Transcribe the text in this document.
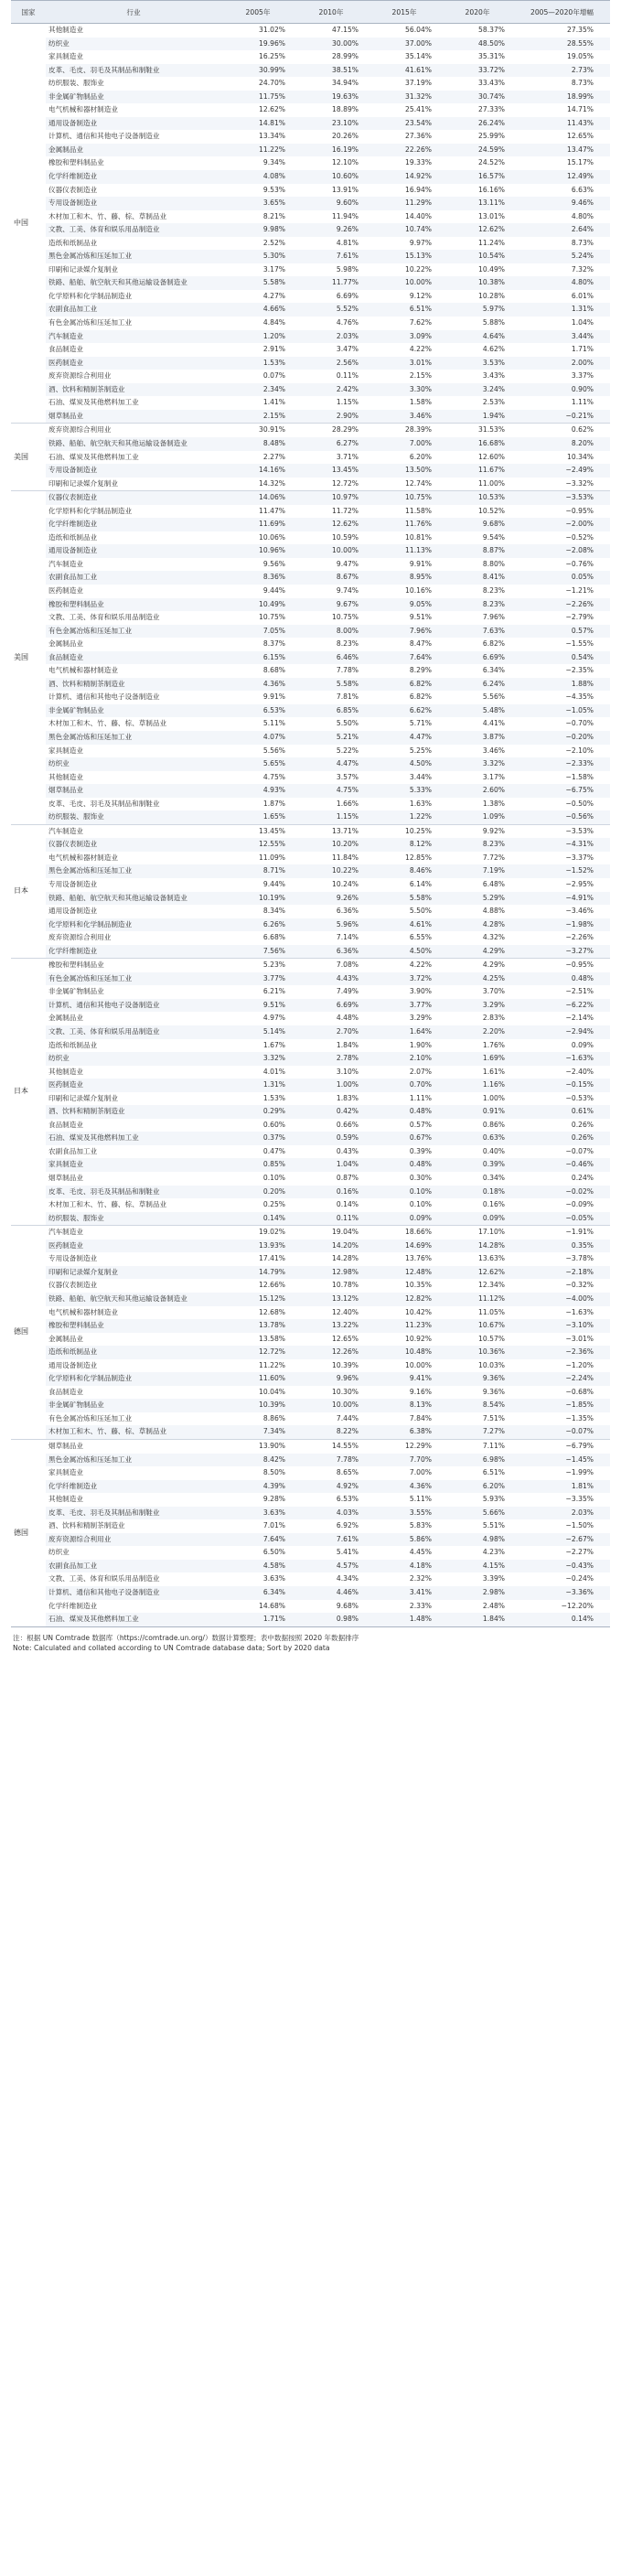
国家	行业	2005年	2010年	2015年	2020年	2005—2020年增幅
中国	其他制造业	31.02%	47.15%	56.04%	58.37%	27.35%
	纺织业	19.96%	30.00%	37.00%	48.50%	28.55%
	家具制造业	16.25%	28.99%	35.14%	35.31%	19.05%
	皮革、毛皮、羽毛及其制品和制鞋业	30.99%	38.51%	41.61%	33.72%	2.73%
	纺织服装、服饰业	24.70%	34.94%	37.19%	33.43%	8.73%
	非金属矿物制品业	11.75%	19.63%	31.32%	30.74%	18.99%
	电气机械和器材制造业	12.62%	18.89%	25.41%	27.33%	14.71%
	通用设备制造业	14.81%	23.10%	23.54%	26.24%	11.43%
	计算机、通信和其他电子设备制造业	13.34%	20.26%	27.36%	25.99%	12.65%
	金属制品业	11.22%	16.19%	22.26%	24.59%	13.47%
	橡胶和塑料制品业	9.34%	12.10%	19.33%	24.52%	15.17%
	化学纤维制造业	4.08%	10.60%	14.92%	16.57%	12.49%
	仪器仪表制造业	9.53%	13.91%	16.94%	16.16%	6.63%
	专用设备制造业	3.65%	9.60%	11.29%	13.11%	9.46%
	木材加工和木、竹、藤、棕、草制品业	8.21%	11.94%	14.40%	13.01%	4.80%
	文教、工美、体育和娱乐用品制造业	9.98%	9.26%	10.74%	12.62%	2.64%
	造纸和纸制品业	2.52%	4.81%	9.97%	11.24%	8.73%
	黑色金属冶炼和压延加工业	5.30%	7.61%	15.13%	10.54%	5.24%
	印刷和记录媒介复制业	3.17%	5.98%	10.22%	10.49%	7.32%
	铁路、船舶、航空航天和其他运输设备制造业	5.58%	11.77%	10.00%	10.38%	4.80%
	化学原料和化学制品制造业	4.27%	6.69%	9.12%	10.28%	6.01%
	农副食品加工业	4.66%	5.52%	6.51%	5.97%	1.31%
	有色金属冶炼和压延加工业	4.84%	4.76%	7.62%	5.88%	1.04%
	汽车制造业	1.20%	2.03%	3.09%	4.64%	3.44%
	食品制造业	2.91%	3.47%	4.22%	4.62%	1.71%
	医药制造业	1.53%	2.56%	3.01%	3.53%	2.00%
	废弃资源综合利用业	0.07%	0.11%	2.15%	3.43%	3.37%
	酒、饮料和精制茶制造业	2.34%	2.42%	3.30%	3.24%	0.90%
	石油、煤炭及其他燃料加工业	1.41%	1.15%	1.58%	2.53%	1.11%
	烟草制品业	2.15%	2.90%	3.46%	1.94%	−0.21%
美国	废弃资源综合利用业	30.91%	28.29%	28.39%	31.53%	0.62%
	铁路、船舶、航空航天和其他运输设备制造业	8.48%	6.27%	7.00%	16.68%	8.20%
	石油、煤炭及其他燃料加工业	2.27%	3.71%	6.20%	12.60%	10.34%
	专用设备制造业	14.16%	13.45%	13.50%	11.67%	−2.49%
	印刷和记录媒介复制业	14.32%	12.72%	12.74%	11.00%	−3.32%
美国	仪器仪表制造业	14.06%	10.97%	10.75%	10.53%	−3.53%
	化学原料和化学制品制造业	11.47%	11.72%	11.58%	10.52%	−0.95%
	化学纤维制造业	11.69%	12.62%	11.76%	9.68%	−2.00%
	造纸和纸制品业	10.06%	10.59%	10.81%	9.54%	−0.52%
	通用设备制造业	10.96%	10.00%	11.13%	8.87%	−2.08%
	汽车制造业	9.56%	9.47%	9.91%	8.80%	−0.76%
	农副食品加工业	8.36%	8.67%	8.95%	8.41%	0.05%
	医药制造业	9.44%	9.74%	10.16%	8.23%	−1.21%
	橡胶和塑料制品业	10.49%	9.67%	9.05%	8.23%	−2.26%
	文教、工美、体育和娱乐用品制造业	10.75%	10.75%	9.51%	7.96%	−2.79%
	有色金属冶炼和压延加工业	7.05%	8.00%	7.96%	7.63%	0.57%
	金属制品业	8.37%	8.23%	8.47%	6.82%	−1.55%
	食品制造业	6.15%	6.46%	7.64%	6.69%	0.54%
	电气机械和器材制造业	8.68%	7.78%	8.29%	6.34%	−2.35%
	酒、饮料和精制茶制造业	4.36%	5.58%	6.82%	6.24%	1.88%
	计算机、通信和其他电子设备制造业	9.91%	7.81%	6.82%	5.56%	−4.35%
	非金属矿物制品业	6.53%	6.85%	6.62%	5.48%	−1.05%
	木材加工和木、竹、藤、棕、草制品业	5.11%	5.50%	5.71%	4.41%	−0.70%
	黑色金属冶炼和压延加工业	4.07%	5.21%	4.47%	3.87%	−0.20%
	家具制造业	5.56%	5.22%	5.25%	3.46%	−2.10%
	纺织业	5.65%	4.47%	4.50%	3.32%	−2.33%
	其他制造业	4.75%	3.57%	3.44%	3.17%	−1.58%
	烟草制品业	4.93%	4.75%	5.33%	2.60%	−6.75%
	皮革、毛皮、羽毛及其制品和制鞋业	1.87%	1.66%	1.63%	1.38%	−0.50%
	纺织服装、服饰业	1.65%	1.15%	1.22%	1.09%	−0.56%
日本	汽车制造业	13.45%	13.71%	10.25%	9.92%	−3.53%
	仪器仪表制造业	12.55%	10.20%	8.12%	8.23%	−4.31%
	电气机械和器材制造业	11.09%	11.84%	12.85%	7.72%	−3.37%
	黑色金属冶炼和压延加工业	8.71%	10.22%	8.46%	7.19%	−1.52%
	专用设备制造业	9.44%	10.24%	6.14%	6.48%	−2.95%
	铁路、船舶、航空航天和其他运输设备制造业	10.19%	9.26%	5.58%	5.29%	−4.91%
	通用设备制造业	8.34%	6.36%	5.50%	4.88%	−3.46%
	化学原料和化学制品制造业	6.26%	5.96%	4.61%	4.28%	−1.98%
	废弃资源综合利用业	6.68%	7.14%	6.55%	4.32%	−2.26%
	化学纤维制造业	7.56%	6.36%	4.50%	4.29%	−3.27%
日本	橡胶和塑料制品业	5.23%	7.08%	4.22%	4.29%	−0.95%
	有色金属冶炼和压延加工业	3.77%	4.43%	3.72%	4.25%	0.48%
	非金属矿物制品业	6.21%	7.49%	3.90%	3.70%	−2.51%
	计算机、通信和其他电子设备制造业	9.51%	6.69%	3.77%	3.29%	−6.22%
	金属制品业	4.97%	4.48%	3.29%	2.83%	−2.14%
	文教、工美、体育和娱乐用品制造业	5.14%	2.70%	1.64%	2.20%	−2.94%
	造纸和纸制品业	1.67%	1.84%	1.90%	1.76%	0.09%
	纺织业	3.32%	2.78%	2.10%	1.69%	−1.63%
	其他制造业	4.01%	3.10%	2.07%	1.61%	−2.40%
	医药制造业	1.31%	1.00%	0.70%	1.16%	−0.15%
	印刷和记录媒介复制业	1.53%	1.83%	1.11%	1.00%	−0.53%
	酒、饮料和精制茶制造业	0.29%	0.42%	0.48%	0.91%	0.61%
	食品制造业	0.60%	0.66%	0.57%	0.86%	0.26%
	石油、煤炭及其他燃料加工业	0.37%	0.59%	0.67%	0.63%	0.26%
	农副食品加工业	0.47%	0.43%	0.39%	0.40%	−0.07%
	家具制造业	0.85%	1.04%	0.48%	0.39%	−0.46%
	烟草制品业	0.10%	0.87%	0.30%	0.34%	0.24%
	皮革、毛皮、羽毛及其制品和制鞋业	0.20%	0.16%	0.10%	0.18%	−0.02%
	木材加工和木、竹、藤、棕、草制品业	0.25%	0.14%	0.10%	0.16%	−0.09%
	纺织服装、服饰业	0.14%	0.11%	0.09%	0.09%	−0.05%
德国	汽车制造业	19.02%	19.04%	18.66%	17.10%	−1.91%
	医药制造业	13.93%	14.20%	14.69%	14.28%	0.35%
	专用设备制造业	17.41%	14.28%	13.76%	13.63%	−3.78%
	印刷和记录媒介复制业	14.79%	12.98%	12.48%	12.62%	−2.18%
	仪器仪表制造业	12.66%	10.78%	10.35%	12.34%	−0.32%
	铁路、船舶、航空航天和其他运输设备制造业	15.12%	13.12%	12.82%	11.12%	−4.00%
	电气机械和器材制造业	12.68%	12.40%	10.42%	11.05%	−1.63%
	橡胶和塑料制品业	13.78%	13.22%	11.23%	10.67%	−3.10%
	金属制品业	13.58%	12.65%	10.92%	10.57%	−3.01%
	造纸和纸制品业	12.72%	12.26%	10.48%	10.36%	−2.36%
	通用设备制造业	11.22%	10.39%	10.00%	10.03%	−1.20%
	化学原料和化学制品制造业	11.60%	9.96%	9.41%	9.36%	−2.24%
	食品制造业	10.04%	10.30%	9.16%	9.36%	−0.68%
	非金属矿物制品业	10.39%	10.00%	8.13%	8.54%	−1.85%
	有色金属冶炼和压延加工业	8.86%	7.44%	7.84%	7.51%	−1.35%
	木材加工和木、竹、藤、棕、草制品业	7.34%	8.22%	6.38%	7.27%	−0.07%
德国	烟草制品业	13.90%	14.55%	12.29%	7.11%	−6.79%
	黑色金属冶炼和压延加工业	8.42%	7.78%	7.70%	6.98%	−1.45%
	家具制造业	8.50%	8.65%	7.00%	6.51%	−1.99%
	化学纤维制造业	4.39%	4.92%	4.36%	6.20%	1.81%
	其他制造业	9.28%	6.53%	5.11%	5.93%	−3.35%
	皮革、毛皮、羽毛及其制品和制鞋业	3.63%	4.03%	3.55%	5.66%	2.03%
	酒、饮料和精制茶制造业	7.01%	6.92%	5.83%	5.51%	−1.50%
	废弃资源综合利用业	7.64%	7.61%	5.86%	4.98%	−2.67%
	纺织业	6.50%	5.41%	4.45%	4.23%	−2.27%
	农副食品加工业	4.58%	4.57%	4.18%	4.15%	−0.43%
	文教、工美、体育和娱乐用品制造业	3.63%	4.34%	2.32%	3.39%	−0.24%
	计算机、通信和其他电子设备制造业	6.34%	4.46%	3.41%	2.98%	−3.36%
	化学纤维制造业	14.68%	9.68%	2.33%	2.48%	−12.20%
	石油、煤炭及其他燃料加工业	1.71%	0.98%	1.48%	1.84%	0.14%
注：根据 UN Comtrade 数据库（https://comtrade.un.org/）数据计算整理；表中数据按照 2020 年数据排序
Note: Calculated and collated according to UN Comtrade database data; Sort by 2020 data
